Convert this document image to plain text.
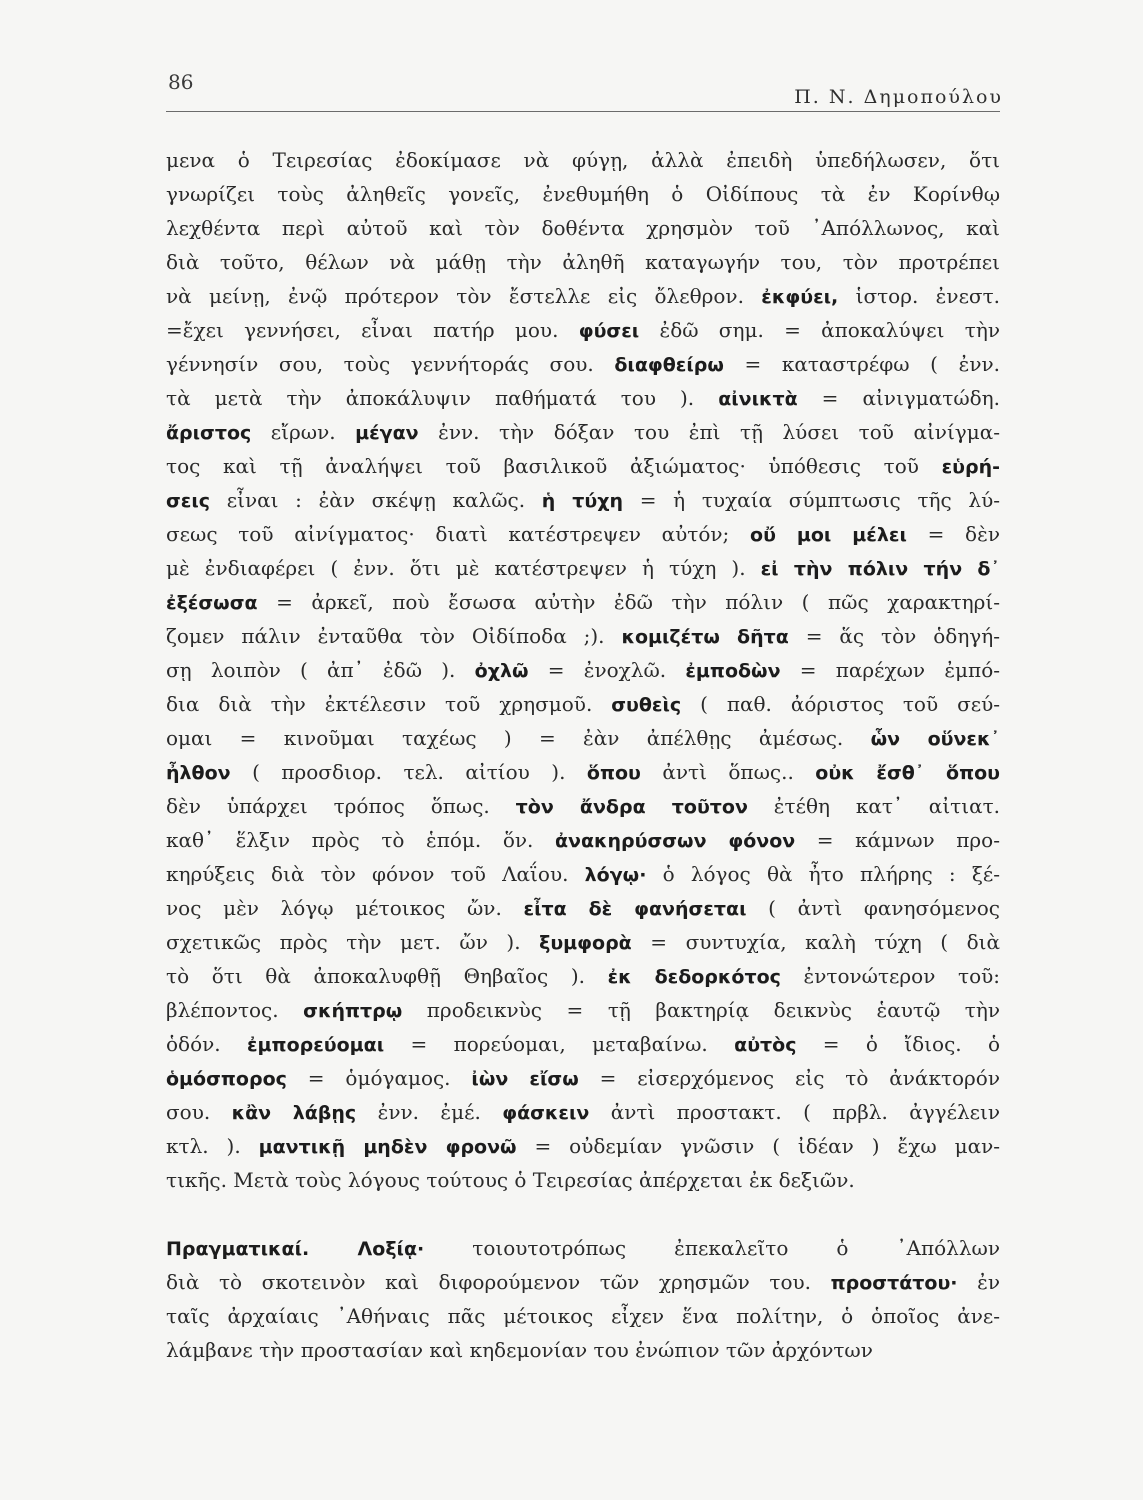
86
Π. Ν. Δημοπούλου
μενα ὁ Τειρεσίας ἐδοκίμασε νὰ φύγῃ, ἀλλὰ ἐπειδὴ ὑπεδήλωσεν, ὅτι
γνωρίζει τοὺς ἀληθεῖς γονεῖς, ἐνεθυμήθη ὁ Οἰδίπους τὰ ἐν Κορίνθῳ
λεχθέντα περὶ αὐτοῦ καὶ τὸν δοθέντα χρησμὸν τοῦ ᾿Απόλλωνος, καὶ
διὰ τοῦτο, θέλων νὰ μάθῃ τὴν ἀληθῆ καταγωγήν του, τὸν προτρέπει
νὰ μείνῃ, ἐνῷ πρότερον τὸν ἔστελλε εἰς ὄλεθρον. ἐκφύει, ἱστορ. ἐνεστ.
=ἔχει γεννήσει, εἶναι πατήρ μου. φύσει ἐδῶ σημ. = ἀποκαλύψει τὴν
γέννησίν σου, τοὺς γεννήτοράς σου. διαφθείρω = καταστρέφω ( ἐνν.
τὰ μετὰ τὴν ἀποκάλυψιν παθήματά του ). αἰνικτὰ = αἰνιγματώδη.
ἄριστος εἴρων. μέγαν ἐνν. τὴν δόξαν του ἐπὶ τῇ λύσει τοῦ αἰνίγμα-
τος καὶ τῇ ἀναλήψει τοῦ βασιλικοῦ ἀξιώματος· ὑπόθεσις τοῦ εὑρή-
σεις εἶναι : ἐὰν σκέψῃ καλῶς. ἡ τύχη = ἡ τυχαία σύμπτωσις τῆς λύ-
σεως τοῦ αἰνίγματος· διατὶ κατέστρεψεν αὐτόν; οὔ μοι μέλει = δὲν
μὲ ἐνδιαφέρει ( ἐνν. ὅτι μὲ κατέστρεψεν ἡ τύχη ). εἰ τὴν πόλιν τήν δ᾿
ἐξέσωσα = ἀρκεῖ, ποὺ ἔσωσα αὐτὴν ἐδῶ τὴν πόλιν ( πῶς χαρακτηρί-
ζομεν πάλιν ἐνταῦθα τὸν Οἰδίποδα ;). κομιζέτω δῆτα = ἅς τὸν ὁδηγή-
σῃ λοιπὸν ( ἀπ᾿ ἐδῶ ). ὀχλῶ = ἐνοχλῶ. ἐμποδὼν = παρέχων ἐμπό-
δια διὰ τὴν ἐκτέλεσιν τοῦ χρησμοῦ. συθεὶς ( παθ. ἀόριστος τοῦ σεύ-
ομαι = κινοῦμαι ταχέως ) = ἐὰν ἀπέλθῃς ἀμέσως. ὧν οὕνεκ᾿
ἦλθον ( προσδιορ. τελ. αἰτίου ). ὅπου ἀντὶ ὅπως.. οὐκ ἔσθ᾿ ὅπου
δὲν ὑπάρχει τρόπος ὅπως. τὸν ἄνδρα τοῦτον ἐτέθη κατ᾿ αἰτιατ.
καθ᾿ ἕλξιν πρὸς τὸ ἑπόμ. ὅν. ἀνακηρύσσων φόνον = κάμνων προ-
κηρύξεις διὰ τὸν φόνον τοῦ Λαΐου. λόγῳ· ὁ λόγος θὰ ἦτο πλήρης : ξέ-
νος μὲν λόγῳ μέτοικος ὤν. εἶτα δὲ φανήσεται ( ἀντὶ φανησόμενος
σχετικῶς πρὸς τὴν μετ. ὤν ). ξυμφορὰ = συντυχία, καλὴ τύχη ( διὰ
τὸ ὅτι θὰ ἀποκαλυφθῇ Θηβαῖος ). ἐκ δεδορκότος ἐντονώτερον τοῦ:
βλέποντος. σκήπτρῳ προδεικνὺς = τῇ βακτηρίᾳ δεικνὺς ἑαυτῷ τὴν
ὁδόν. ἐμπορεύομαι = πορεύομαι, μεταβαίνω. αὐτὸς = ὁ ἴδιος. ὁ
ὁμόσπορος = ὁμόγαμος. ἰὼν εἴσω = εἰσερχόμενος εἰς τὸ ἀνάκτορόν
σου. κἂν λάβῃς ἐνν. ἐμέ. φάσκειν ἀντὶ προστακτ. ( πρβλ. ἀγγέλειν
κτλ. ). μαντικῇ μηδὲν φρονῶ = οὐδεμίαν γνῶσιν ( ἰδέαν ) ἔχω μαν-
τικῆς. Μετὰ τοὺς λόγους τούτους ὁ Τειρεσίας ἀπέρχεται ἐκ δεξιῶν.
Πραγματικαί. Λοξίᾳ· τοιουτοτρόπως ἐπεκαλεῖτο ὁ ᾿Απόλλων
διὰ τὸ σκοτεινὸν καὶ διφορούμενον τῶν χρησμῶν του. προστάτου· ἐν
ταῖς ἀρχαίαις ᾿Αθήναις πᾶς μέτοικος εἶχεν ἕνα πολίτην, ὁ ὁποῖος ἀνε-
λάμβανε τὴν προστασίαν καὶ κηδεμονίαν του ἐνώπιον τῶν ἀρχόντων
